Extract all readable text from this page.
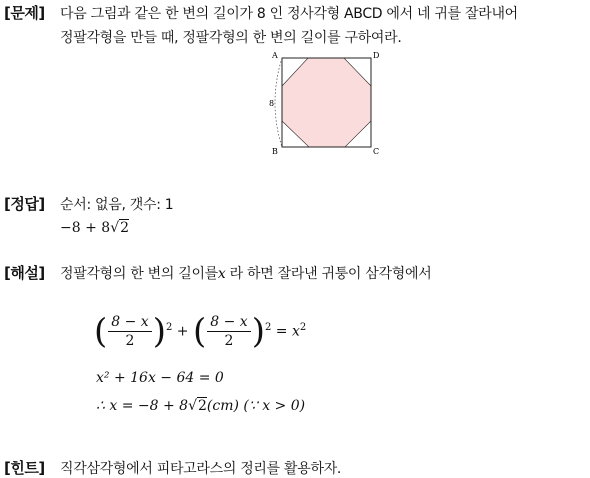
[문제] 다음 그림과 같은 한 변의 길이가 8 인 정사각형 ABCD 에서 네 귀를 잘라내어
정팔각형을 만들 때, 정팔각형의 한 변의 길이를 구하여라.
A	D
B	C
8
[정답] 순서: 없음, 갯수: 1
−8 + 8√2
[해설] 정팔각형의 한 변의 길이를x 라 하면 잘라낸 귀퉁이 삼각형에서
( $\frac{8 - x}{2} )^2$ + ( $\frac{8 - x}{2} )^2 = x^2$
x² + 16x − 64 = 0
∴ x = −8 + 8√2(cm) (∵ x > 0)
[힌트] 직각삼각형에서 피타고라스의 정리를 활용하자.
